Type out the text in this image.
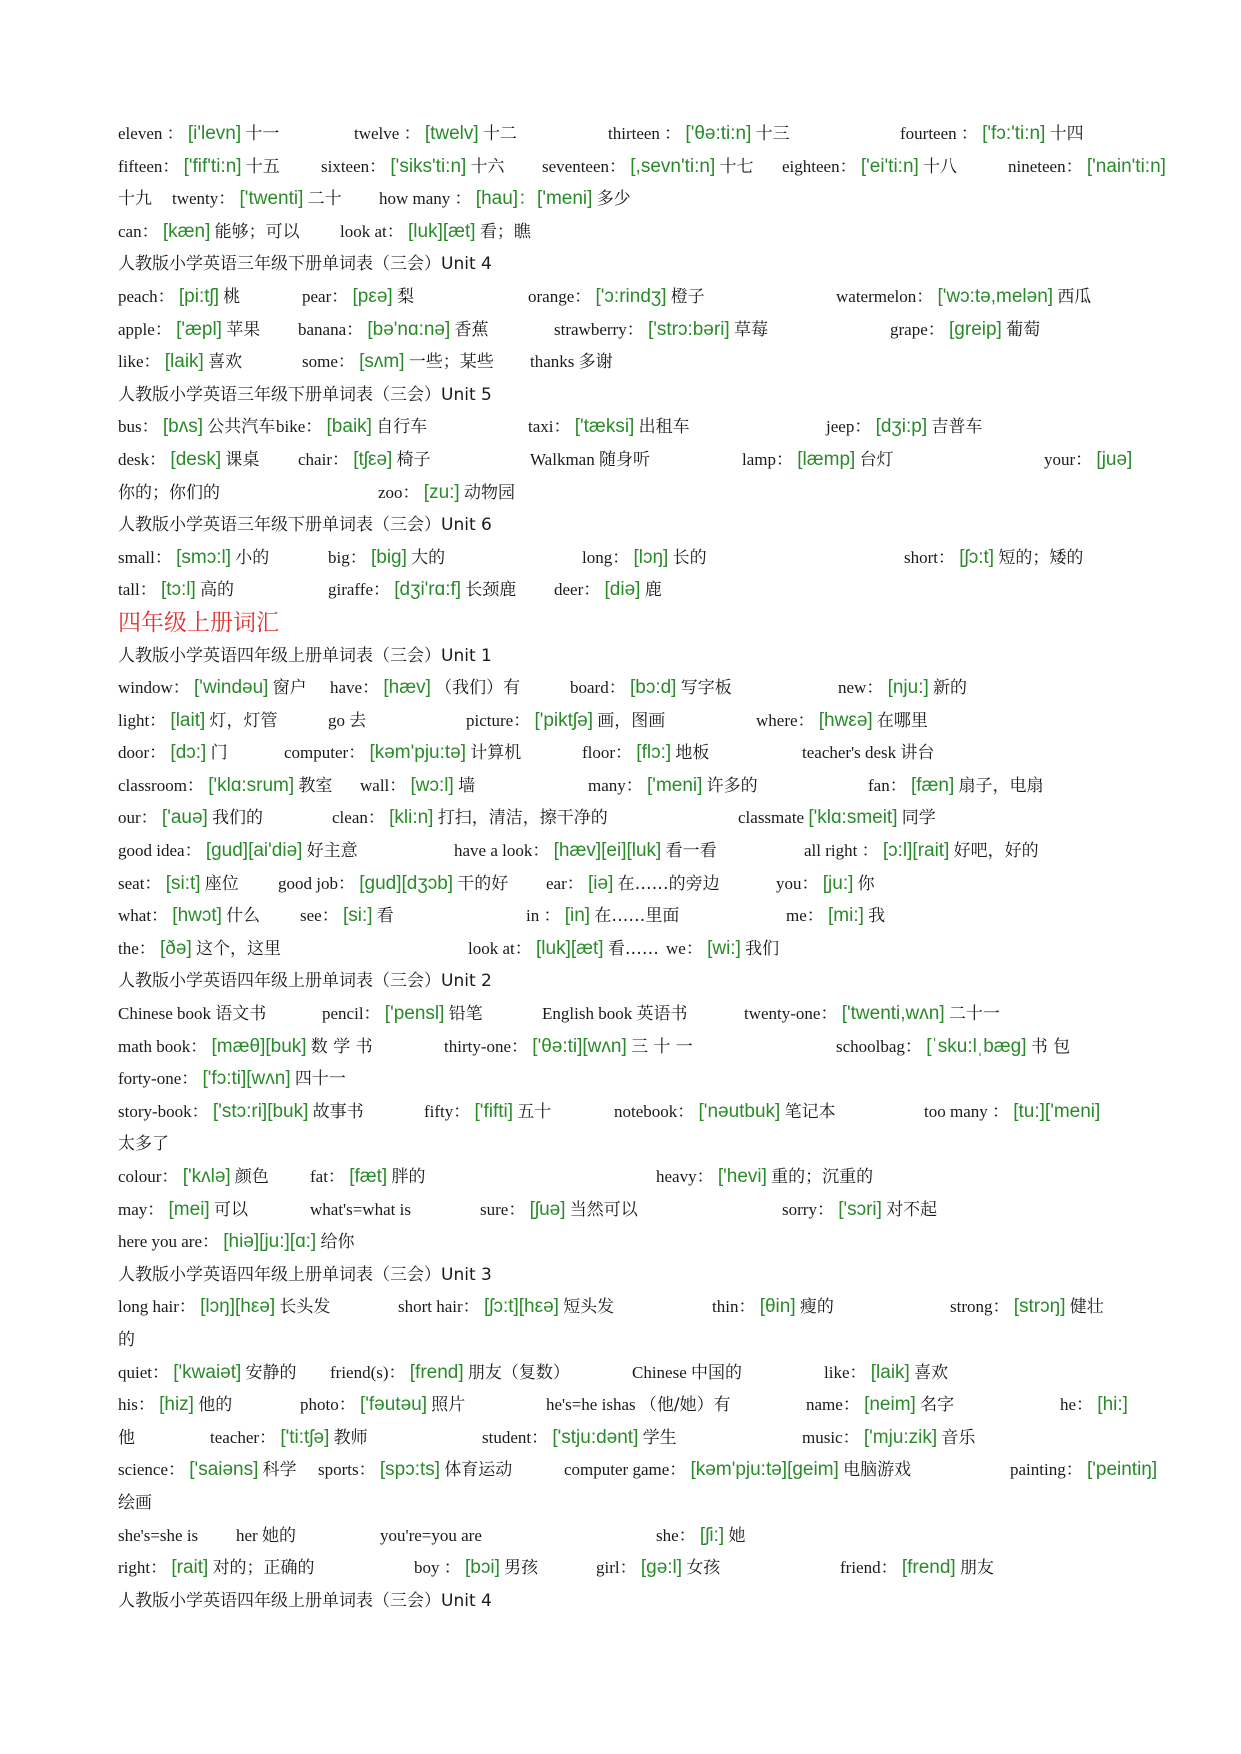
eleven ： [i'levn] 十一	twelve ： [twelv] 十二	thirteen ： ['θə:ti:n] 十三	fourteen ： ['fɔ:'ti:n] 十四
fifteen： ['fif'ti:n] 十五 sixteen： ['siks'ti:n] 十六 seventeen： [,sevn'ti:n] 十七 eighteen： ['ei'ti:n] 十八	nineteen： ['nain'ti:n]
十九 twenty： ['twenti] 二十 how many ： [hau]：['meni] 多少
can： [kæn] 能够；可以 look at： [luk][æt] 看；瞧
人教版小学英语三年级下册单词表（三会）Unit 4
peach： [pi:tʃ] 桃	pear： [pεə] 梨	orange： ['ɔ:rindʒ] 橙子	watermelon： ['wɔ:tə,melən] 西瓜
apple： ['æpl] 苹果 banana： [bə'nɑ:nə] 香蕉	strawberry： ['strɔ:bəri] 草莓	grape： [greip] 葡萄
like： [laik] 喜欢	some： [sʌm] 一些；某些 thanks 多谢
人教版小学英语三年级下册单词表（三会）Unit 5
bus： [bʌs] 公共汽车 bike： [baik] 自行车	taxi： ['tæksi] 出租车	jeep： [dʒi:p] 吉普车
desk： [desk] 课桌 chair： [tʃεə] 椅子	Walkman 随身听	lamp： [læmp] 台灯	your： [juə]
你的；你们的	zoo： [zu:] 动物园
人教版小学英语三年级下册单词表（三会）Unit 6
small： [smɔ:l] 小的	big： [big] 大的	long： [lɔŋ] 长的	short： [ʃɔ:t] 短的；矮的
tall： [tɔ:l] 高的	giraffe： [dʒi'rɑ:f] 长颈鹿 deer： [diə] 鹿
四年级上册词汇
人教版小学英语四年级上册单词表（三会）Unit 1
window： ['windəu] 窗户 have： [hæv] （我们）有	board： [bɔ:d] 写字板	new： [nju:] 新的
light： [lait] 灯，灯管	go 去	picture： ['piktʃə] 画，图画	where： [hwεə] 在哪里
door： [dɔ:] 门	computer： [kəm'pju:tə] 计算机	floor： [flɔ:] 地板	teacher's desk 讲台
classroom： ['klɑ:srum] 教室 wall： [wɔ:l] 墙	many： ['meni] 许多的	fan： [fæn] 扇子，电扇
our： ['auə] 我们的	clean： [kli:n] 打扫，清洁，擦干净的	classmate ['klɑ:smeit] 同学
good idea： [gud][ai'diə] 好主意	have a look： [hæv][ei][luk] 看一看	all right ： [ɔ:l][rait] 好吧，好的
seat： [si:t] 座位 good job： [gud][dʒɔb] 干的好 ear： [iə] 在……的旁边	you： [ju:] 你
what： [hwɔt] 什么 see： [si:] 看	in ： [in] 在……里面	me： [mi:] 我
the： [ðə] 这个，这里	look at： [luk][æt] 看…… we： [wi:] 我们
人教版小学英语四年级上册单词表（三会）Unit 2
Chinese book 语文书	pencil： ['pensl] 铅笔	English book 英语书	twenty-one： ['twenti,wʌn] 二十一
math book： [mæθ][buk] 数 学 书	thirty-one： ['θə:ti][wʌn] 三 十 一	schoolbag： [ˈsku:lˌbæg] 书 包
forty-one： ['fɔ:ti][wʌn] 四十一
story-book： ['stɔ:ri][buk] 故事书	fifty： ['fifti] 五十	notebook： ['nəutbuk] 笔记本	too many ： [tu:]['meni]
太多了
colour： ['kʌlə] 颜色 fat： [fæt] 胖的	heavy： ['hevi] 重的；沉重的
may： [mei] 可以	what's=what is	sure： [ʃuə] 当然可以	sorry： ['sɔri] 对不起
here you are： [hiə][ju:][ɑ:] 给你
人教版小学英语四年级上册单词表（三会）Unit 3
long hair： [lɔŋ][hεə] 长头发	short hair： [ʃɔ:t][hεə] 短头发	thin： [θin] 瘦的	strong： [strɔŋ] 健壮
的
quiet： ['kwaiət] 安静的 friend(s)： [frend] 朋友（复数）	Chinese 中国的	like： [laik] 喜欢
his： [hiz] 他的	photo： ['fəutəu] 照片	he's=he ishas （他/她）有	name： [neim] 名字	he： [hi:]
他	teacher： ['ti:tʃə] 教师	student： ['stju:dənt] 学生	music： ['mju:zik] 音乐
science： ['saiəns] 科学 sports： [spɔ:ts] 体育运动	computer game： [kəm'pju:tə][geim] 电脑游戏	painting： ['peintiŋ]
绘画
she's=she is her 她的	you're=you are	she： [ʃi:] 她
right： [rait] 对的；正确的	boy ： [bɔi] 男孩	girl： [gə:l] 女孩	friend： [frend] 朋友
人教版小学英语四年级上册单词表（三会）Unit 4
